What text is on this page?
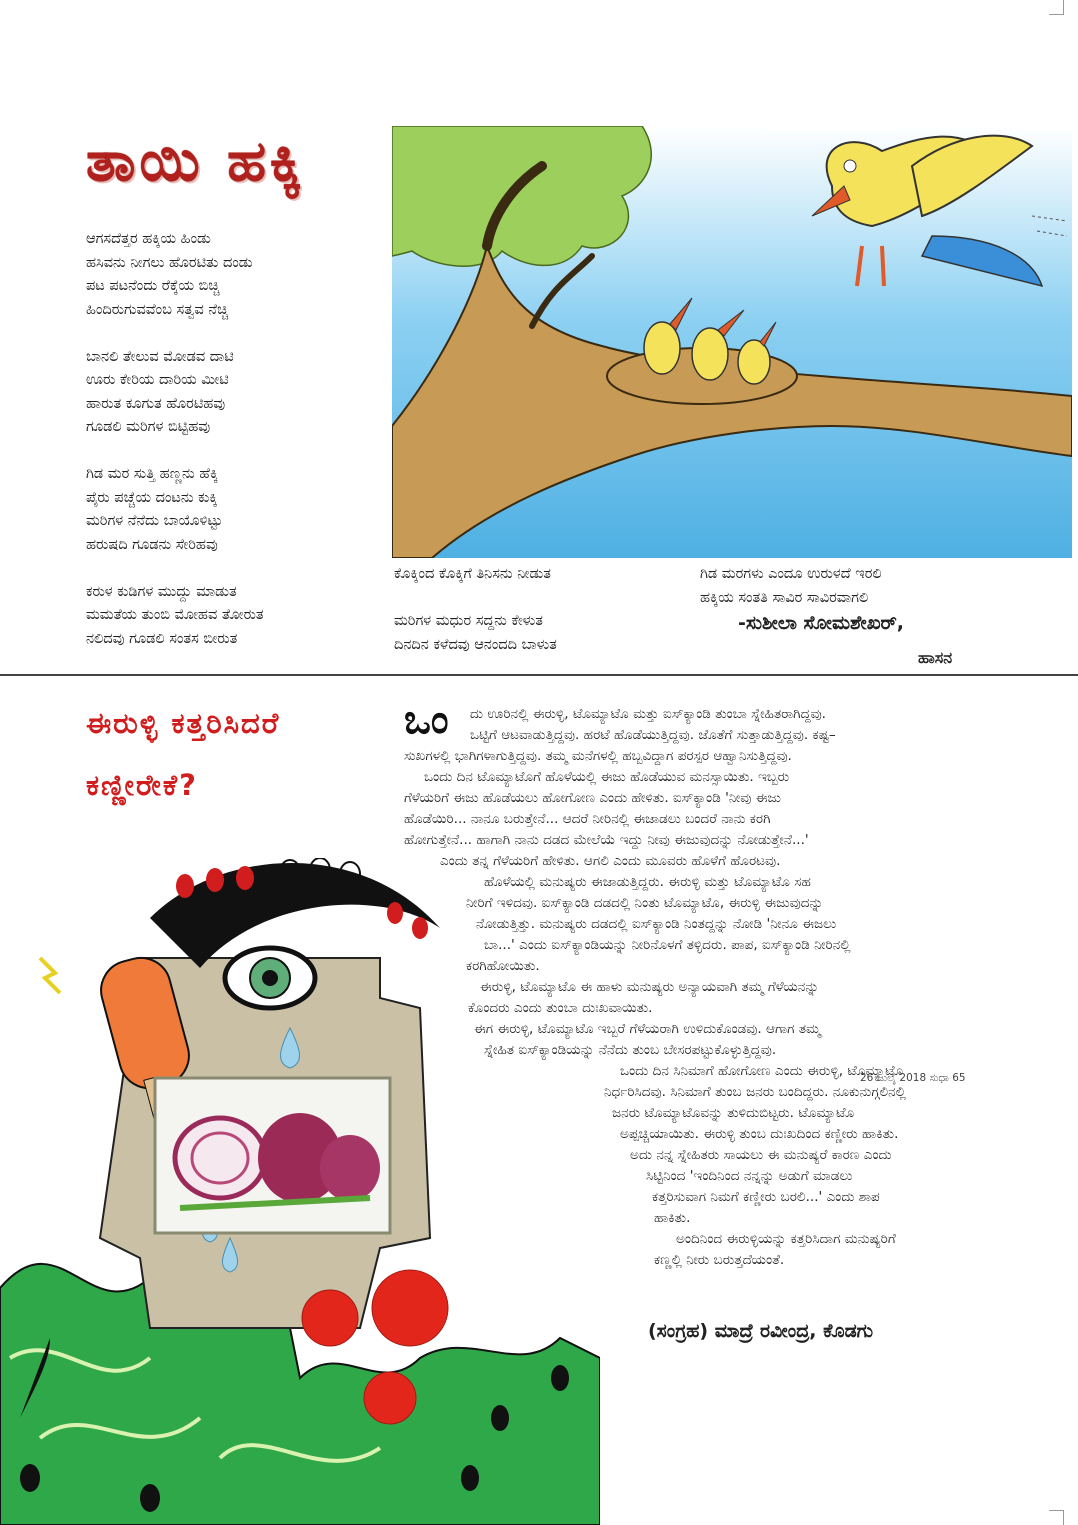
ತಾಯಿ ಹಕ್ಕಿ
ಆಗಸದೆತ್ತರ ಹಕ್ಕಿಯ ಹಿಂಡು
ಹಸಿವನು ನೀಗಲು ಹೊರಟಿತು ದಂಡು
ಪಟ ಪಟನೆಂದು ರೆಕ್ಕೆಯ ಬಿಚ್ಚಿ
ಹಿಂದಿರುಗುವವೆಂಬ ಸತ್ವವ ನೆಚ್ಚಿ
ಬಾನಲಿ ತೇಲುವ ಮೋಡವ ದಾಟಿ
ಊರು ಕೇರಿಯ ದಾರಿಯ ಮೀಟಿ
ಹಾರುತ ಕೂಗುತ ಹೊರಟಿಹವು
ಗೂಡಲಿ ಮರಿಗಳ ಬಿಟ್ಟಿಹವು
ಗಿಡ ಮರ ಸುತ್ತಿ ಹಣ್ಣನು ಹೆಕ್ಕಿ
ಪೈರು ಪಚ್ಚೆಯ ದಂಟನು ಕುಕ್ಕಿ
ಮರಿಗಳ ನೆನೆದು ಬಾಯೊಳಿಟ್ಟು
ಹರುಷದಿ ಗೂಡನು ಸೇರಿಹವು
ಕರುಳ ಕುಡಿಗಳ ಮುದ್ದು ಮಾಡುತ
ಮಮತೆಯ ತುಂಬಿ ಮೋಹವ ತೋರುತ
ನಲಿದವು ಗೂಡಲಿ ಸಂತಸ ಬೀರುತ
ಕೊಕ್ಕಿಂದ ಕೊಕ್ಕಿಗೆ ತಿನಿಸನು ನೀಡುತ
ಮರಿಗಳ ಮಧುರ ಸದ್ದನು ಕೇಳುತ
ದಿನದಿನ ಕಳೆದವು ಆನಂದದಿ ಬಾಳುತ
ಗಿಡ ಮರಗಳು ಎಂದೂ ಉರುಳದೆ ಇರಲಿ
ಹಕ್ಕಿಯ ಸಂತತಿ ಸಾವಿರ ಸಾವಿರವಾಗಲಿ
-ಸುಶೀಲಾ ಸೋಮಶೇಖರ್,
ಹಾಸನ
ಈರುಳ್ಳಿ ಕತ್ತರಿಸಿದರೆ
ಕಣ್ಣೀರೇಕೆ?
ಒಂ ದು ಊರಿನಲ್ಲಿ ಈರುಳ್ಳಿ, ಟೊಮ್ಯಾಟೊ ಮತ್ತು ಐಸ್‌ಕ್ಯಾಂಡಿ ತುಂಬಾ ಸ್ನೇಹಿತರಾಗಿದ್ದವು.
ಒಟ್ಟಿಗೆ ಆಟವಾಡುತ್ತಿದ್ದವು. ಹರಟೆ ಹೊಡೆಯುತ್ತಿದ್ದವು. ಜೊತೆಗೆ ಸುತ್ತಾಡುತ್ತಿದ್ದವು. ಕಷ್ಟ–
ಸುಖಗಳಲ್ಲಿ ಭಾಗಿಗಳಾಗುತ್ತಿದ್ದವು. ತಮ್ಮ ಮನೆಗಳಲ್ಲಿ ಹಬ್ಬವಿದ್ದಾಗ ಪರಸ್ಪರ ಆಹ್ವಾನಿಸುತ್ತಿದ್ದವು.
ಒಂದು ದಿನ ಟೊಮ್ಯಾಟೊಗೆ ಹೊಳೆಯಲ್ಲಿ ಈಜು ಹೊಡೆಯುವ ಮನಸ್ಸಾಯಿತು. ಇಬ್ಬರು
ಗೆಳೆಯರಿಗೆ ಈಜು ಹೊಡೆಯಲು ಹೋಗೋಣ ಎಂದು ಹೇಳಿತು. ಐಸ್‌ಕ್ಯಾಂಡಿ 'ನೀವು ಈಜು
ಹೊಡೆಯಿರಿ... ನಾನೂ ಬರುತ್ತೇನೆ... ಆದರೆ ನೀರಿನಲ್ಲಿ ಈಜಾಡಲು ಬಂದರೆ ನಾನು ಕರಗಿ
ಹೋಗುತ್ತೇನೆ... ಹಾಗಾಗಿ ನಾನು ದಡದ ಮೇಲೆಯೆ ಇದ್ದು ನೀವು ಈಜುವುದನ್ನು ನೋಡುತ್ತೇನೆ...'
ಎಂದು ತನ್ನ ಗೆಳೆಯರಿಗೆ ಹೇಳಿತು. ಆಗಲಿ ಎಂದು ಮೂವರು ಹೊಳೆಗೆ ಹೊರಟವು.
ಹೊಳೆಯಲ್ಲಿ ಮನುಷ್ಯರು ಈಜಾಡುತ್ತಿದ್ದರು. ಈರುಳ್ಳಿ ಮತ್ತು ಟೊಮ್ಯಾಟೊ ಸಹ
ನೀರಿಗೆ ಇಳಿದವು. ಐಸ್‌ಕ್ಯಾಂಡಿ ದಡದಲ್ಲಿ ನಿಂತು ಟೊಮ್ಯಾಟೊ, ಈರುಳ್ಳಿ ಈಜುವುದನ್ನು
ನೋಡುತ್ತಿತ್ತು. ಮನುಷ್ಯರು ದಡದಲ್ಲಿ ಐಸ್‌ಕ್ಯಾಂಡಿ ನಿಂತದ್ದನ್ನು ನೋಡಿ 'ನೀನೂ ಈಜಲು
ಬಾ...' ಎಂದು ಐಸ್‌ಕ್ಯಾಂಡಿಯನ್ನು ನೀರಿನೊಳಗೆ ತಳ್ಳಿದರು. ಪಾಪ, ಐಸ್‌ಕ್ಯಾಂಡಿ ನೀರಿನಲ್ಲಿ
ಕರಗಿಹೋಯಿತು.
ಈರುಳ್ಳಿ, ಟೊಮ್ಯಾಟೊ ಈ ಹಾಳು ಮನುಷ್ಯರು ಅನ್ಯಾಯವಾಗಿ ತಮ್ಮ ಗೆಳೆಯನನ್ನು
ಕೊಂದರು ಎಂದು ತುಂಬಾ ದುಃಖವಾಯಿತು.
ಈಗ ಈರುಳ್ಳಿ, ಟೊಮ್ಯಾಟೊ ಇಬ್ಬರೆ ಗೆಳೆಯರಾಗಿ ಉಳಿದುಕೊಂಡವು. ಆಗಾಗ ತಮ್ಮ
ಸ್ನೇಹಿತ ಐಸ್‌ಕ್ಯಾಂಡಿಯನ್ನು ನೆನೆದು ತುಂಬ ಬೇಸರಪಟ್ಟುಕೊಳ್ಳುತ್ತಿದ್ದವು.
ಒಂದು ದಿನ ಸಿನಿಮಾಗೆ ಹೋಗೋಣ ಎಂದು ಈರುಳ್ಳಿ, ಟೊಮ್ಯಾಟೊ
ನಿರ್ಧರಿಸಿದವು. ಸಿನಿಮಾಗೆ ತುಂಬ ಜನರು ಬಂದಿದ್ದರು. ನೂಕುನುಗ್ಗಲಿನಲ್ಲಿ
ಜನರು ಟೊಮ್ಯಾಟೊವನ್ನು ತುಳಿದುಬಿಟ್ಟರು. ಟೊಮ್ಯಾಟೊ
ಅಪ್ಪಚ್ಚಿಯಾಯಿತು. ಈರುಳ್ಳಿ ತುಂಬ ದುಃಖದಿಂದ ಕಣ್ಣೀರು ಹಾಕಿತು.
ಅದು ನನ್ನ ಸ್ನೇಹಿತರು ಸಾಯಲು ಈ ಮನುಷ್ಯರೆ ಕಾರಣ ಎಂದು
ಸಿಟ್ಟಿನಿಂದ 'ಇಂದಿನಿಂದ ನನ್ನನ್ನು ಅಡುಗೆ ಮಾಡಲು
ಕತ್ತರಿಸುವಾಗ ನಿಮಗೆ ಕಣ್ಣೀರು ಬರಲಿ...' ಎಂದು ಶಾಪ
ಹಾಕಿತು.
ಅಂದಿನಿಂದ ಈರುಳ್ಳಿಯನ್ನು ಕತ್ತರಿಸಿದಾಗ ಮನುಷ್ಯರಿಗೆ
ಕಣ್ಣಲ್ಲಿ ನೀರು ಬರುತ್ತದೆಯಂತೆ.
(ಸಂಗ್ರಹ) ಮಾದ್ರೆ ರವೀಂದ್ರ, ಕೊಡಗು
26 ಜುಲೈ 2018 ಸುಧಾ 65
